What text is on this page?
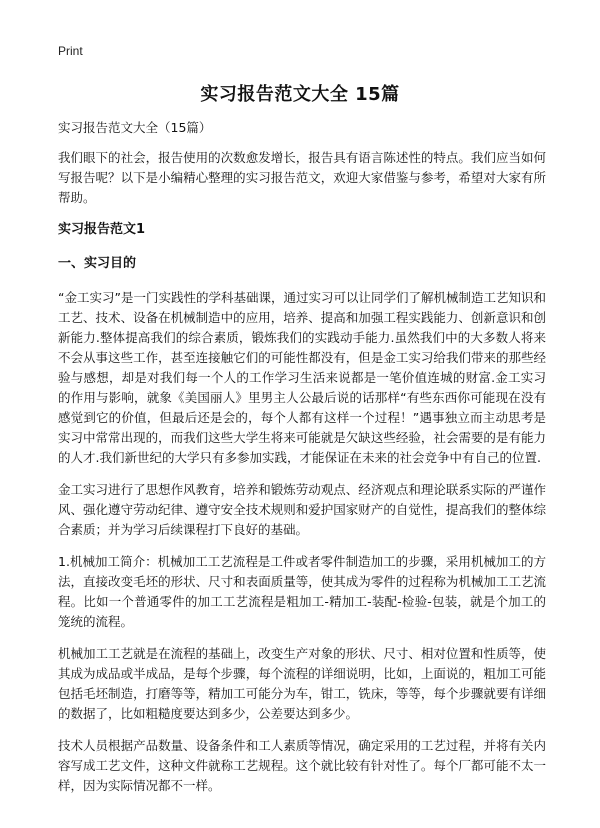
Print
实习报告范文大全 15篇

实习报告范文大全（15篇）

我们眼下的社会，报告使用的次数愈发增长，报告具有语言陈述性的特点。我们应当如何写报告呢？以下是小编精心整理的实习报告范文，欢迎大家借鉴与参考，希望对大家有所帮助。

实习报告范文1
一、实习目的

“金工实习”是一门实践性的学科基础课，通过实习可以让同学们了解机械制造工艺知识和工艺、技术、设备在机械制造中的应用，培养、提高和加强工程实践能力、创新意识和创新能力.整体提高我们的综合素质，锻炼我们的实践动手能力.虽然我们中的大多数人将来不会从事这些工作，甚至连接触它们的可能性都没有，但是金工实习给我们带来的那些经验与感想，却是对我们每一个人的工作学习生活来说都是一笔价值连城的财富.金工实习的作用与影响，就象《美国丽人》里男主人公最后说的话那样“有些东西你可能现在没有感觉到它的价值，但最后还是会的，每个人都有这样一个过程！”遇事独立而主动思考是实习中常常出现的，而我们这些大学生将来可能就是欠缺这些经验，社会需要的是有能力的人才.我们新世纪的大学只有多参加实践，才能保证在未来的社会竞争中有自己的位置.

金工实习进行了思想作风教育，培养和锻炼劳动观点、经济观点和理论联系实际的严谨作风、强化遵守劳动纪律、遵守安全技术规则和爱护国家财产的自觉性，提高我们的整体综合素质；并为学习后续课程打下良好的基础。

1.机械加工简介：机械加工工艺流程是工件或者零件制造加工的步骤，采用机械加工的方法，直接改变毛坯的形状、尺寸和表面质量等，使其成为零件的过程称为机械加工工艺流程。比如一个普通零件的加工工艺流程是粗加工-精加工-装配-检验-包装，就是个加工的笼统的流程。

机械加工工艺就是在流程的基础上，改变生产对象的形状、尺寸、相对位置和性质等，使其成为成品或半成品，是每个步骤，每个流程的详细说明，比如，上面说的，粗加工可能包括毛坯制造，打磨等等，精加工可能分为车，钳工，铣床，等等，每个步骤就要有详细的数据了，比如粗糙度要达到多少，公差要达到多少。

技术人员根据产品数量、设备条件和工人素质等情况，确定采用的工艺过程，并将有关内容写成工艺文件，这种文件就称工艺规程。这个就比较有针对性了。每个厂都可能不太一样，因为实际情况都不一样。
